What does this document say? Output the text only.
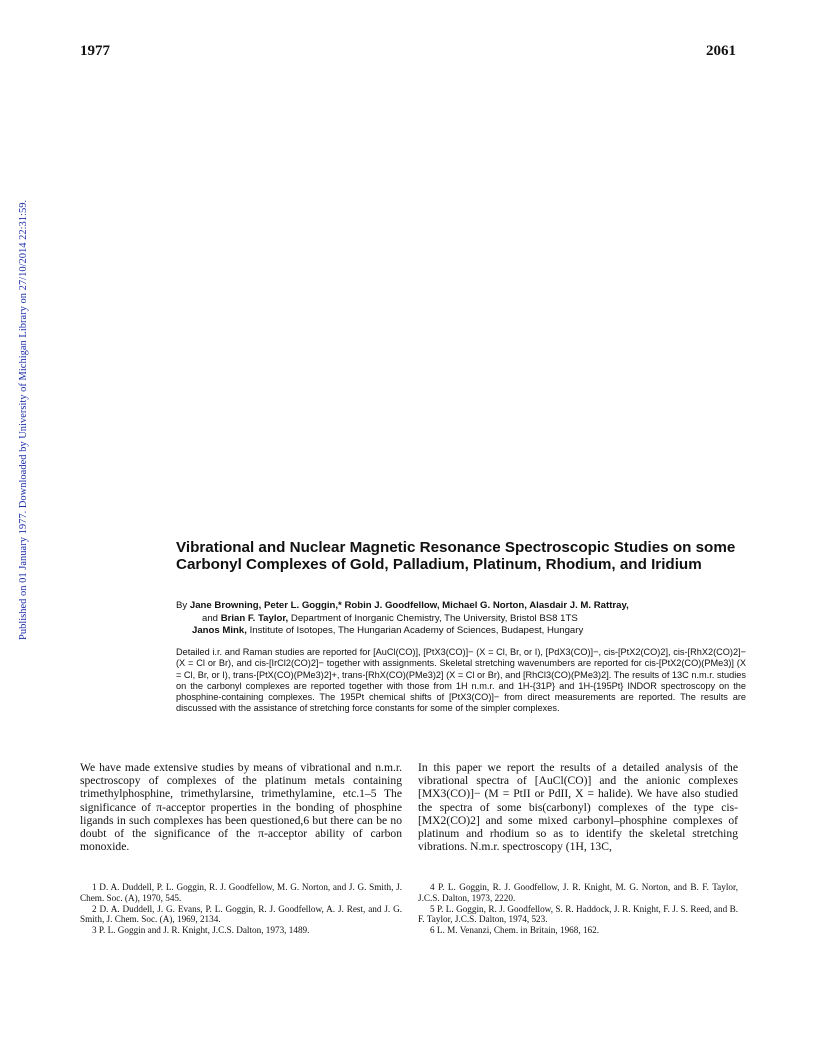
1977	2061
Published on 01 January 1977. Downloaded by University of Michigan Library on 27/10/2014 22:31:59.	Vibrational and Nuclear Magnetic Resonance Spectroscopic Studies on some Carbonyl Complexes of Gold, Palladium, Platinum, Rhodium, and Iridium
By Jane Browning, Peter L. Goggin,* Robin J. Goodfellow, Michael G. Norton, Alasdair J. M. Rattray,
and Brian F. Taylor, Department of Inorganic Chemistry, The University, Bristol BS8 1TS
Janos Mink, Institute of Isotopes, The Hungarian Academy of Sciences, Budapest, Hungary
Detailed i.r. and Raman studies are reported for [AuCl(CO)], [PtX3(CO)]− (X = Cl, Br, or I), [PdX3(CO)]−, cis-[PtX2(CO)2], cis-[RhX2(CO)2]− (X = Cl or Br), and cis-[IrCl2(CO)2]− together with assignments. Skeletal stretching wavenumbers are reported for cis-[PtX2(CO)(PMe3)] (X = Cl, Br, or I), trans-[PtX(CO)(PMe3)2]+, trans-[RhX(CO)(PMe3)2] (X = Cl or Br), and [RhCl3(CO)(PMe3)2]. The results of 13C n.m.r. studies on the carbonyl complexes are reported together with those from 1H n.m.r. and 1H-{31P} and 1H-{195Pt} INDOR spectroscopy on the phosphine-containing complexes. The 195Pt chemical shifts of [PtX3(CO)]− from direct measurements are reported. The results are discussed with the assistance of stretching force constants for some of the simpler complexes.
We have made extensive studies by means of vibrational and n.m.r. spectroscopy of complexes of the platinum metals containing trimethylphosphine, trimethylarsine, trimethylamine, etc.1–5 The significance of π-acceptor properties in the bonding of phosphine ligands in such complexes has been questioned,6 but there can be no doubt of the significance of the π-acceptor ability of carbon monoxide.
In this paper we report the results of a detailed analysis of the vibrational spectra of [AuCl(CO)] and the anionic complexes [MX3(CO)]− (M = PtII or PdII, X = halide). We have also studied the spectra of some bis(carbonyl) complexes of the type cis-[MX2(CO)2] and some mixed carbonyl–phosphine complexes of platinum and rhodium so as to identify the skeletal stretching vibrations. N.m.r. spectroscopy (1H, 13C,

1 D. A. Duddell, P. L. Goggin, R. J. Goodfellow, M. G. Norton, and J. G. Smith, J. Chem. Soc. (A), 1970, 545.

2 D. A. Duddell, J. G. Evans, P. L. Goggin, R. J. Goodfellow, A. J. Rest, and J. G. Smith, J. Chem. Soc. (A), 1969, 2134.

3 P. L. Goggin and J. R. Knight, J.C.S. Dalton, 1973, 1489.

4 P. L. Goggin, R. J. Goodfellow, J. R. Knight, M. G. Norton, and B. F. Taylor, J.C.S. Dalton, 1973, 2220.

5 P. L. Goggin, R. J. Goodfellow, S. R. Haddock, J. R. Knight, F. J. S. Reed, and B. F. Taylor, J.C.S. Dalton, 1974, 523.

6 L. M. Venanzi, Chem. in Britain, 1968, 162.
